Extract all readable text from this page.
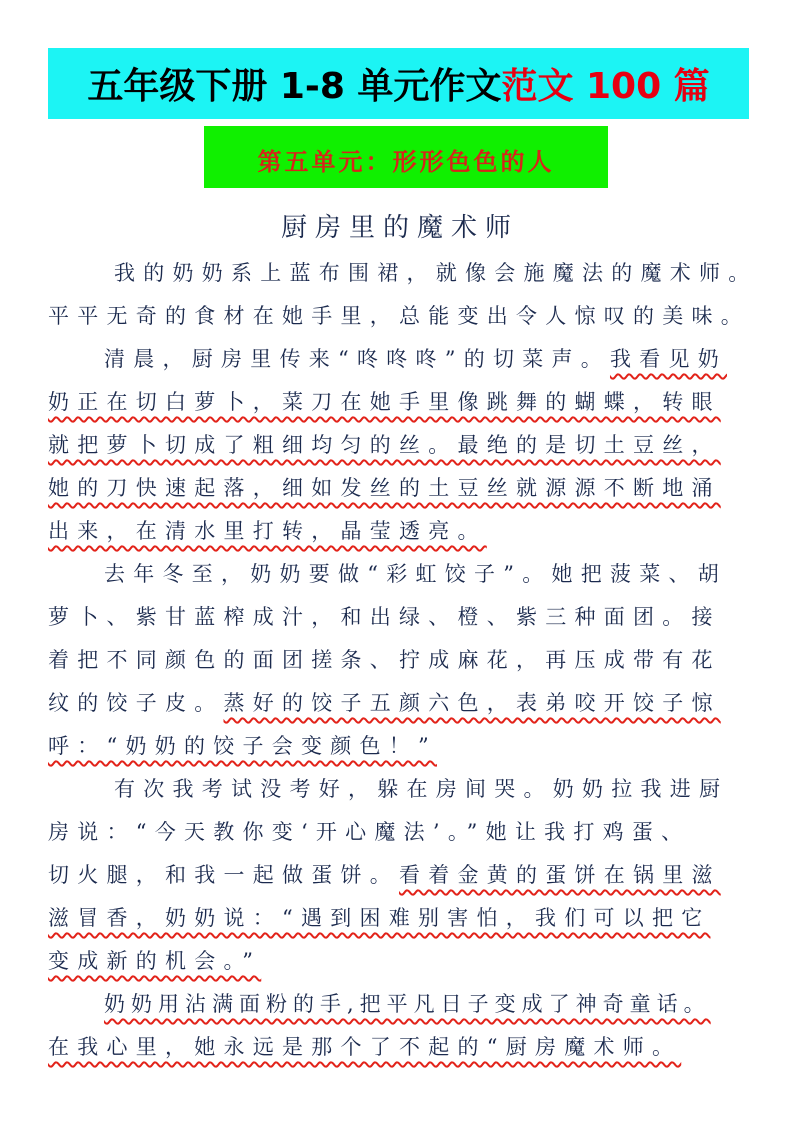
五年级下册 1-8 单元作文 范文 100 篇
第五单元：形形色色的人
厨房里的魔术师
我的奶奶系上蓝布围裙，就像会施魔法的魔术师。
平平无奇的食材在她手里，总能变出令人惊叹的美味。
清晨，厨房里传来“咚咚咚”的切菜声。我看见奶
奶正在切白萝卜，菜刀在她手里像跳舞的蝴蝶，转眼
就把萝卜切成了粗细均匀的丝。最绝的是切土豆丝，
她的刀快速起落，细如发丝的土豆丝就源源不断地涌
出来，在清水里打转，晶莹透亮。
去年冬至，奶奶要做“彩虹饺子”。她把菠菜、胡
萝卜、紫甘蓝榨成汁，和出绿、橙、紫三种面团。接
着把不同颜色的面团搓条、拧成麻花，再压成带有花
纹的饺子皮。蒸好的饺子五颜六色，表弟咬开饺子惊
呼：“奶奶的饺子会变颜色！”
有次我考试没考好，躲在房间哭。奶奶拉我进厨
房说：“今天教你变‘开心魔法’。”她让我打鸡蛋、
切火腿，和我一起做蛋饼。看着金黄的蛋饼在锅里滋
滋冒香，奶奶说：“遇到困难别害怕，我们可以把它
变成新的机会。”
奶奶用沾满面粉的手,把平凡日子变成了神奇童话。
在我心里，她永远是那个了不起的“厨房魔术师。
